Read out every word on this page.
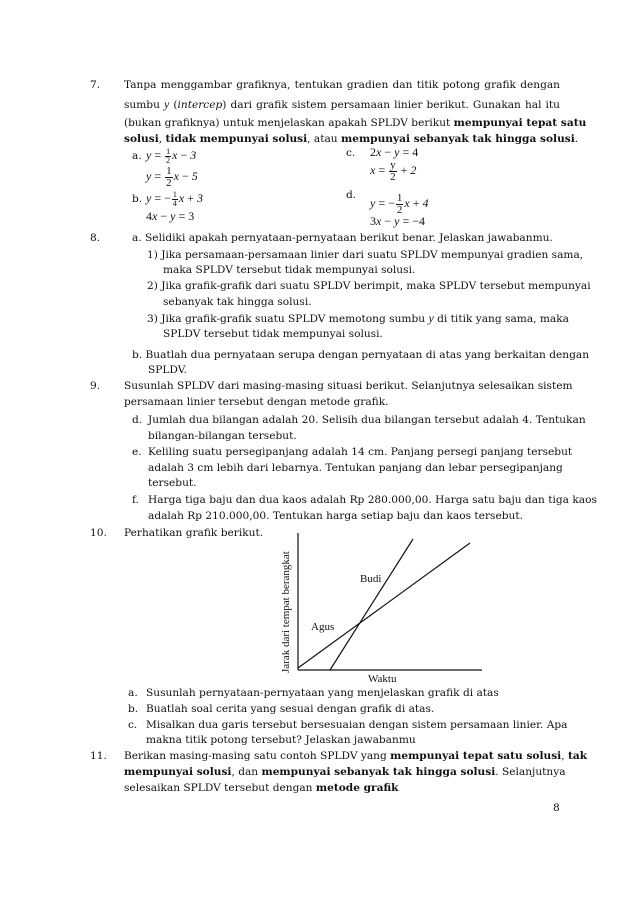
7.	Tanpa menggambar grafiknya, tentukan gradien dan titik potong grafik dengan
sumbu y (intercep) dari grafik sistem persamaan linier berikut. Gunakan hal itu
(bukan grafiknya) untuk menjelaskan apakah SPLDV berikut mempunyai tepat satu
solusi, tidak mempunyai solusi, atau mempunyai sebanyak tak hingga solusi.
a. $y = \frac{1}{2}$ x − 3
$y = \frac{1}{2}$ x − 5
b. y = − $\frac{1}{4}$ x + 3
4x − y = 3
c. 2x − y = 4
$x = \frac{y}{2} + 2$
d.
y = − $\frac{1}{2}$ x + 4
3x − y = −4
8.	a. Selidiki apakah pernyataan-pernyataan berikut benar. Jelaskan jawabanmu.
1) Jika persamaan-persamaan linier dari suatu SPLDV mempunyai gradien sama,
maka SPLDV tersebut tidak mempunyai solusi.
2) Jika grafik-grafik dari suatu SPLDV berimpit, maka SPLDV tersebut mempunyai
sebanyak tak hingga solusi.
3) Jika grafik-grafik suatu SPLDV memotong sumbu y di titik yang sama, maka
SPLDV tersebut tidak mempunyai solusi.
b. Buatlah dua pernyataan serupa dengan pernyataan di atas yang berkaitan dengan
SPLDV.
9.	Susunlah SPLDV dari masing-masing situasi berikut. Selanjutnya selesaikan sistem
persamaan linier tersebut dengan metode grafik.
d. Jumlah dua bilangan adalah 20. Selisih dua bilangan tersebut adalah 4. Tentukan
bilangan-bilangan tersebut.
e. Keliling suatu persegipanjang adalah 14 cm. Panjang persegi panjang tersebut
adalah 3 cm lebih dari lebarnya. Tentukan panjang dan lebar persegipanjang
tersebut.
f. Harga tiga baju dan dua kaos adalah Rp 280.000,00. Harga satu baju dan tiga kaos
adalah Rp 210.000,00. Tentukan harga setiap baju dan kaos tersebut.
10.	Perhatikan grafik berikut.
Jarak dari tempat berangkat	Budi
Agus
Waktu
a. Susunlah pernyataan-pernyataan yang menjelaskan grafik di atas
b. Buatlah soal cerita yang sesuai dengan grafik di atas.
c. Misalkan dua garis tersebut bersesuaian dengan sistem persamaan linier. Apa
makna titik potong tersebut? Jelaskan jawabanmu
11.	Berikan masing-masing satu contoh SPLDV yang mempunyai tepat satu solusi, tak
mempunyai solusi, dan mempunyai sebanyak tak hingga solusi. Selanjutnya
selesaikan SPLDV tersebut dengan metode grafik
8
